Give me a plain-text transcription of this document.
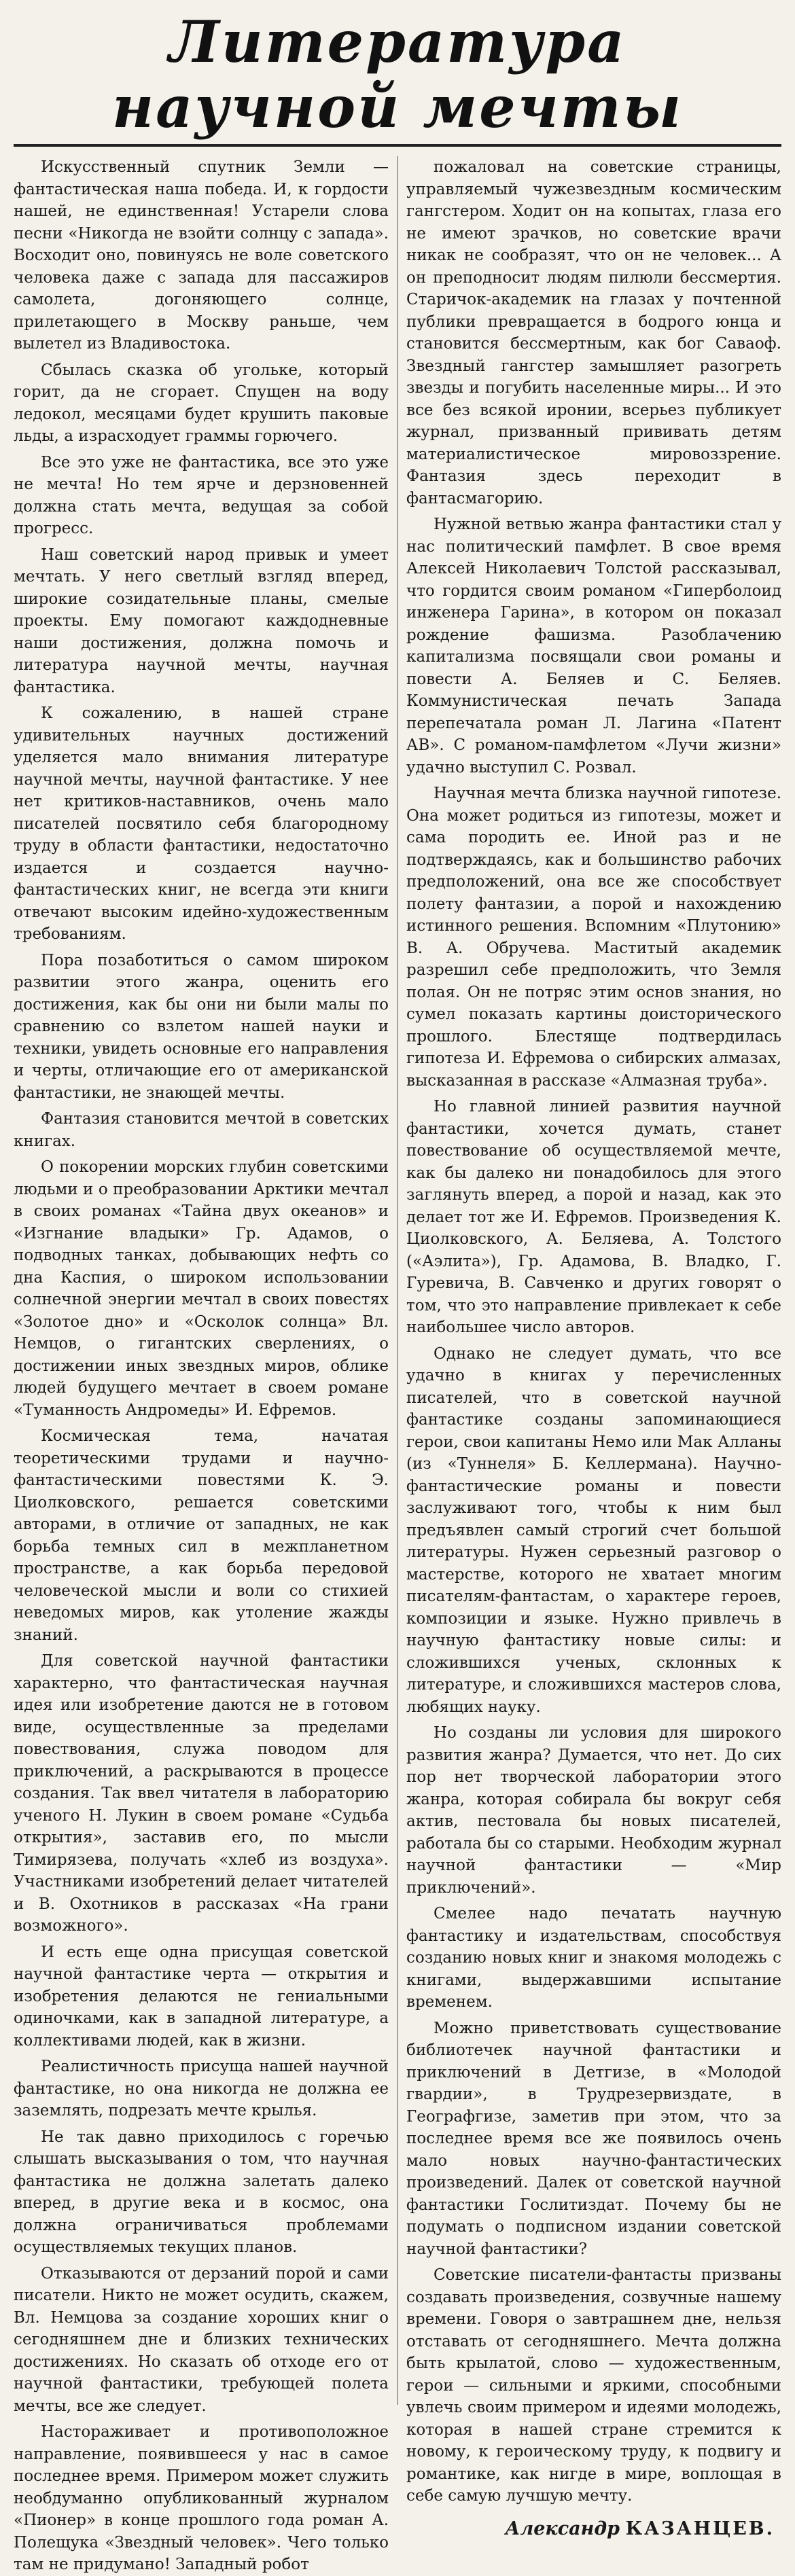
Литература научной мечты

Искусственный спутник Земли — фантастическая наша победа. И, к гордости нашей, не единственная! Устарели слова песни «Никогда не взойти солнцу с запада». Восходит оно, повинуясь не воле советского человека даже с запада для пассажиров самолета, догоняющего солнце, прилетающего в Москву раньше, чем вылетел из Владивостока.

Сбылась сказка об угольке, который горит, да не сгорает. Спущен на воду ледокол, месяцами будет крушить паковые льды, а израсходует граммы горючего.

Все это уже не фантастика, все это уже не мечта! Но тем ярче и дерзновенней должна стать мечта, ведущая за собой прогресс.

Наш советский народ привык и умеет мечтать. У него светлый взгляд вперед, широкие созидательные планы, смелые проекты. Ему помогают каждодневные наши достижения, должна помочь и литература научной мечты, научная фантастика.

К сожалению, в нашей стране удивительных научных достижений уделяется мало внимания литературе научной мечты, научной фантастике. У нее нет критиков-наставников, очень мало писателей посвятило себя благородному труду в области фантастики, недостаточно издается и создается научно-фантастических книг, не всегда эти книги отвечают высоким идейно-художественным требованиям.

Пора позаботиться о самом широком развитии этого жанра, оценить его достижения, как бы они ни были малы по сравнению со взлетом нашей науки и техники, увидеть основные его направления и черты, отличающие его от американской фантастики, не знающей мечты.

Фантазия становится мечтой в советских книгах.

О покорении морских глубин советскими людьми и о преобразовании Арктики мечтал в своих романах «Тайна двух океанов» и «Изгнание владыки» Гр. Адамов, о подводных танках, добывающих нефть со дна Каспия, о широком использовании солнечной энергии мечтал в своих повестях «Золотое дно» и «Осколок солнца» Вл. Немцов, о гигантских сверлениях, о достижении иных звездных миров, облике людей будущего мечтает в своем романе «Туманность Андромеды» И. Ефремов.

Космическая тема, начатая теоретическими трудами и научно-фантастическими повестями К. Э. Циолковского, решается советскими авторами, в отличие от западных, не как борьба темных сил в межпланетном пространстве, а как борьба передовой человеческой мысли и воли со стихией неведомых миров, как утоление жажды знаний.

Для советской научной фантастики характерно, что фантастическая научная идея или изобретение даются не в готовом виде, осуществленные за пределами повествования, служа поводом для приключений, а раскрываются в процессе создания. Так ввел читателя в лабораторию ученого Н. Лукин в своем романе «Судьба открытия», заставив его, по мысли Тимирязева, получать «хлеб из воздуха». Участниками изобретений делает читателей и В. Охотников в рассказах «На грани возможного».

И есть еще одна присущая советской научной фантастике черта — открытия и изобретения делаются не гениальными одиночками, как в западной литературе, а коллективами людей, как в жизни.

Реалистичность присуща нашей научной фантастике, но она никогда не должна ее заземлять, подрезать мечте крылья.

Не так давно приходилось с горечью слышать высказывания о том, что научная фантастика не должна залетать далеко вперед, в другие века и в космос, она должна ограничиваться проблемами осуществляемых текущих планов.

Отказываются от дерзаний порой и сами писатели. Никто не может осудить, скажем, Вл. Немцова за создание хороших книг о сегодняшнем дне и близких технических достижениях. Но сказать об отходе его от научной фантастики, требующей полета мечты, все же следует.

Настораживает и противоположное направление, появившееся у нас в самое последнее время. Примером может служить необдуманно опубликованный журналом «Пионер» в конце прошлого года роман А. Полещука «Звездный человек». Чего только там не придумано! Западный робот

пожаловал на советские страницы, управляемый чужезвездным космическим гангстером. Ходит он на копытах, глаза его не имеют зрачков, но советские врачи никак не сообразят, что он не человек... А он преподносит людям пилюли бессмертия. Старичок-академик на глазах у почтенной публики превращается в бодрого юнца и становится бессмертным, как бог Саваоф. Звездный гангстер замышляет разогреть звезды и погубить населенные миры... И это все без всякой иронии, всерьез публикует журнал, призванный прививать детям материалистическое мировоззрение. Фантазия здесь переходит в фантасмагорию.

Нужной ветвью жанра фантастики стал у нас политический памфлет. В свое время Алексей Николаевич Толстой рассказывал, что гордится своим романом «Гиперболоид инженера Гарина», в котором он показал рождение фашизма. Разоблачению капитализма посвящали свои романы и повести А. Беляев и С. Беляев. Коммунистическая печать Запада перепечатала роман Л. Лагина «Патент АВ». С романом-памфлетом «Лучи жизни» удачно выступил С. Розвал.

Научная мечта близка научной гипотезе. Она может родиться из гипотезы, может и сама породить ее. Иной раз и не подтверждаясь, как и большинство рабочих предположений, она все же способствует полету фантазии, а порой и нахождению истинного решения. Вспомним «Плутонию» В. А. Обручева. Маститый академик разрешил себе предположить, что Земля полая. Он не потряс этим основ знания, но сумел показать картины доисторического прошлого. Блестяще подтвердилась гипотеза И. Ефремова о сибирских алмазах, высказанная в рассказе «Алмазная труба».

Но главной линией развития научной фантастики, хочется думать, станет повествование об осуществляемой мечте, как бы далеко ни понадобилось для этого заглянуть вперед, а порой и назад, как это делает тот же И. Ефремов. Произведения К. Циолковского, А. Беляева, А. Толстого («Аэлита»), Гр. Адамова, В. Владко, Г. Гуревича, В. Савченко и других говорят о том, что это направление привлекает к себе наибольшее число авторов.

Однако не следует думать, что все удачно в книгах у перечисленных писателей, что в советской научной фантастике созданы запоминающиеся герои, свои капитаны Немо или Мак Алланы (из «Туннеля» Б. Келлермана). Научно-фантастические романы и повести заслуживают того, чтобы к ним был предъявлен самый строгий счет большой литературы. Нужен серьезный разговор о мастерстве, которого не хватает многим писателям-фантастам, о характере героев, композиции и языке. Нужно привлечь в научную фантастику новые силы: и сложившихся ученых, склонных к литературе, и сложившихся мастеров слова, любящих науку.

Но созданы ли условия для широкого развития жанра? Думается, что нет. До сих пор нет творческой лаборатории этого жанра, которая собирала бы вокруг себя актив, пестовала бы новых писателей, работала бы со старыми. Необходим журнал научной фантастики — «Мир приключений».

Смелее надо печатать научную фантастику и издательствам, способствуя созданию новых книг и знакомя молодежь с книгами, выдержавшими испытание временем.

Можно приветствовать существование библиотечек научной фантастики и приключений в Детгизе, в «Молодой гвардии», в Трудрезервиздате, в Географгизе, заметив при этом, что за последнее время все же появилось очень мало новых научно-фантастических произведений. Далек от советской научной фантастики Гослитиздат. Почему бы не подумать о подписном издании советской научной фантастики?

Советские писатели-фантасты призваны создавать произведения, созвучные нашему времени. Говоря о завтрашнем дне, нельзя отставать от сегодняшнего. Мечта должна быть крылатой, слово — художественным, герои — сильными и яркими, способными увлечь своим примером и идеями молодежь, которая в нашей стране стремится к новому, к героическому труду, к подвигу и романтике, как нигде в мире, воплощая в себе самую лучшую мечту.

Александр КАЗАНЦЕВ.
